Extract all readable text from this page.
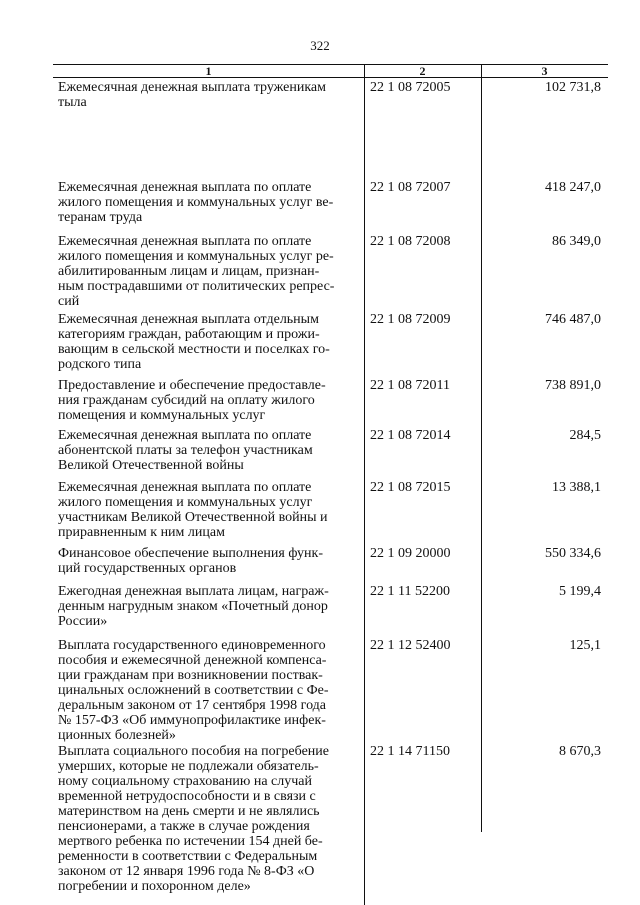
322
1	2	3
Ежемесячная денежная выплата труженикам
тыла
22 1 08 72005	102 731,8
Ежемесячная денежная выплата по оплате
жилого помещения и коммунальных услуг ве-
теранам труда
22 1 08 72007	418 247,0
Ежемесячная денежная выплата по оплате
жилого помещения и коммунальных услуг ре-
абилитированным лицам и лицам, признан-
ным пострадавшими от политических репрес-
сий
22 1 08 72008	86 349,0
Ежемесячная денежная выплата отдельным
категориям граждан, работающим и прожи-
вающим в сельской местности и поселках го-
родского типа
22 1 08 72009	746 487,0
Предоставление и обеспечение предоставле-
ния гражданам субсидий на оплату жилого
помещения и коммунальных услуг
22 1 08 72011	738 891,0
Ежемесячная денежная выплата по оплате
абонентской платы за телефон участникам
Великой Отечественной войны
22 1 08 72014	284,5
Ежемесячная денежная выплата по оплате
жилого помещения и коммунальных услуг
участникам Великой Отечественной войны и
приравненным к ним лицам
22 1 08 72015	13 388,1
Финансовое обеспечение выполнения функ-
ций государственных органов
22 1 09 20000	550 334,6
Ежегодная денежная выплата лицам, награж-
денным нагрудным знаком «Почетный донор
России»
22 1 11 52200	5 199,4
Выплата государственного единовременного
пособия и ежемесячной денежной компенса-
ции гражданам при возникновении поствак-
цинальных осложнений в соответствии с Фе-
деральным законом от 17 сентября 1998 года
№ 157-ФЗ «Об иммунопрофилактике инфек-
ционных болезней»
22 1 12 52400	125,1
Выплата социального пособия на погребение
умерших, которые не подлежали обязатель-
ному социальному страхованию на случай
временной нетрудоспособности и в связи с
материнством на день смерти и не являлись
пенсионерами, а также в случае рождения
мертвого ребенка по истечении 154 дней бе-
ременности в соответствии с Федеральным
законом от 12 января 1996 года № 8-ФЗ «О
погребении и похоронном деле»
22 1 14 71150	8 670,3
